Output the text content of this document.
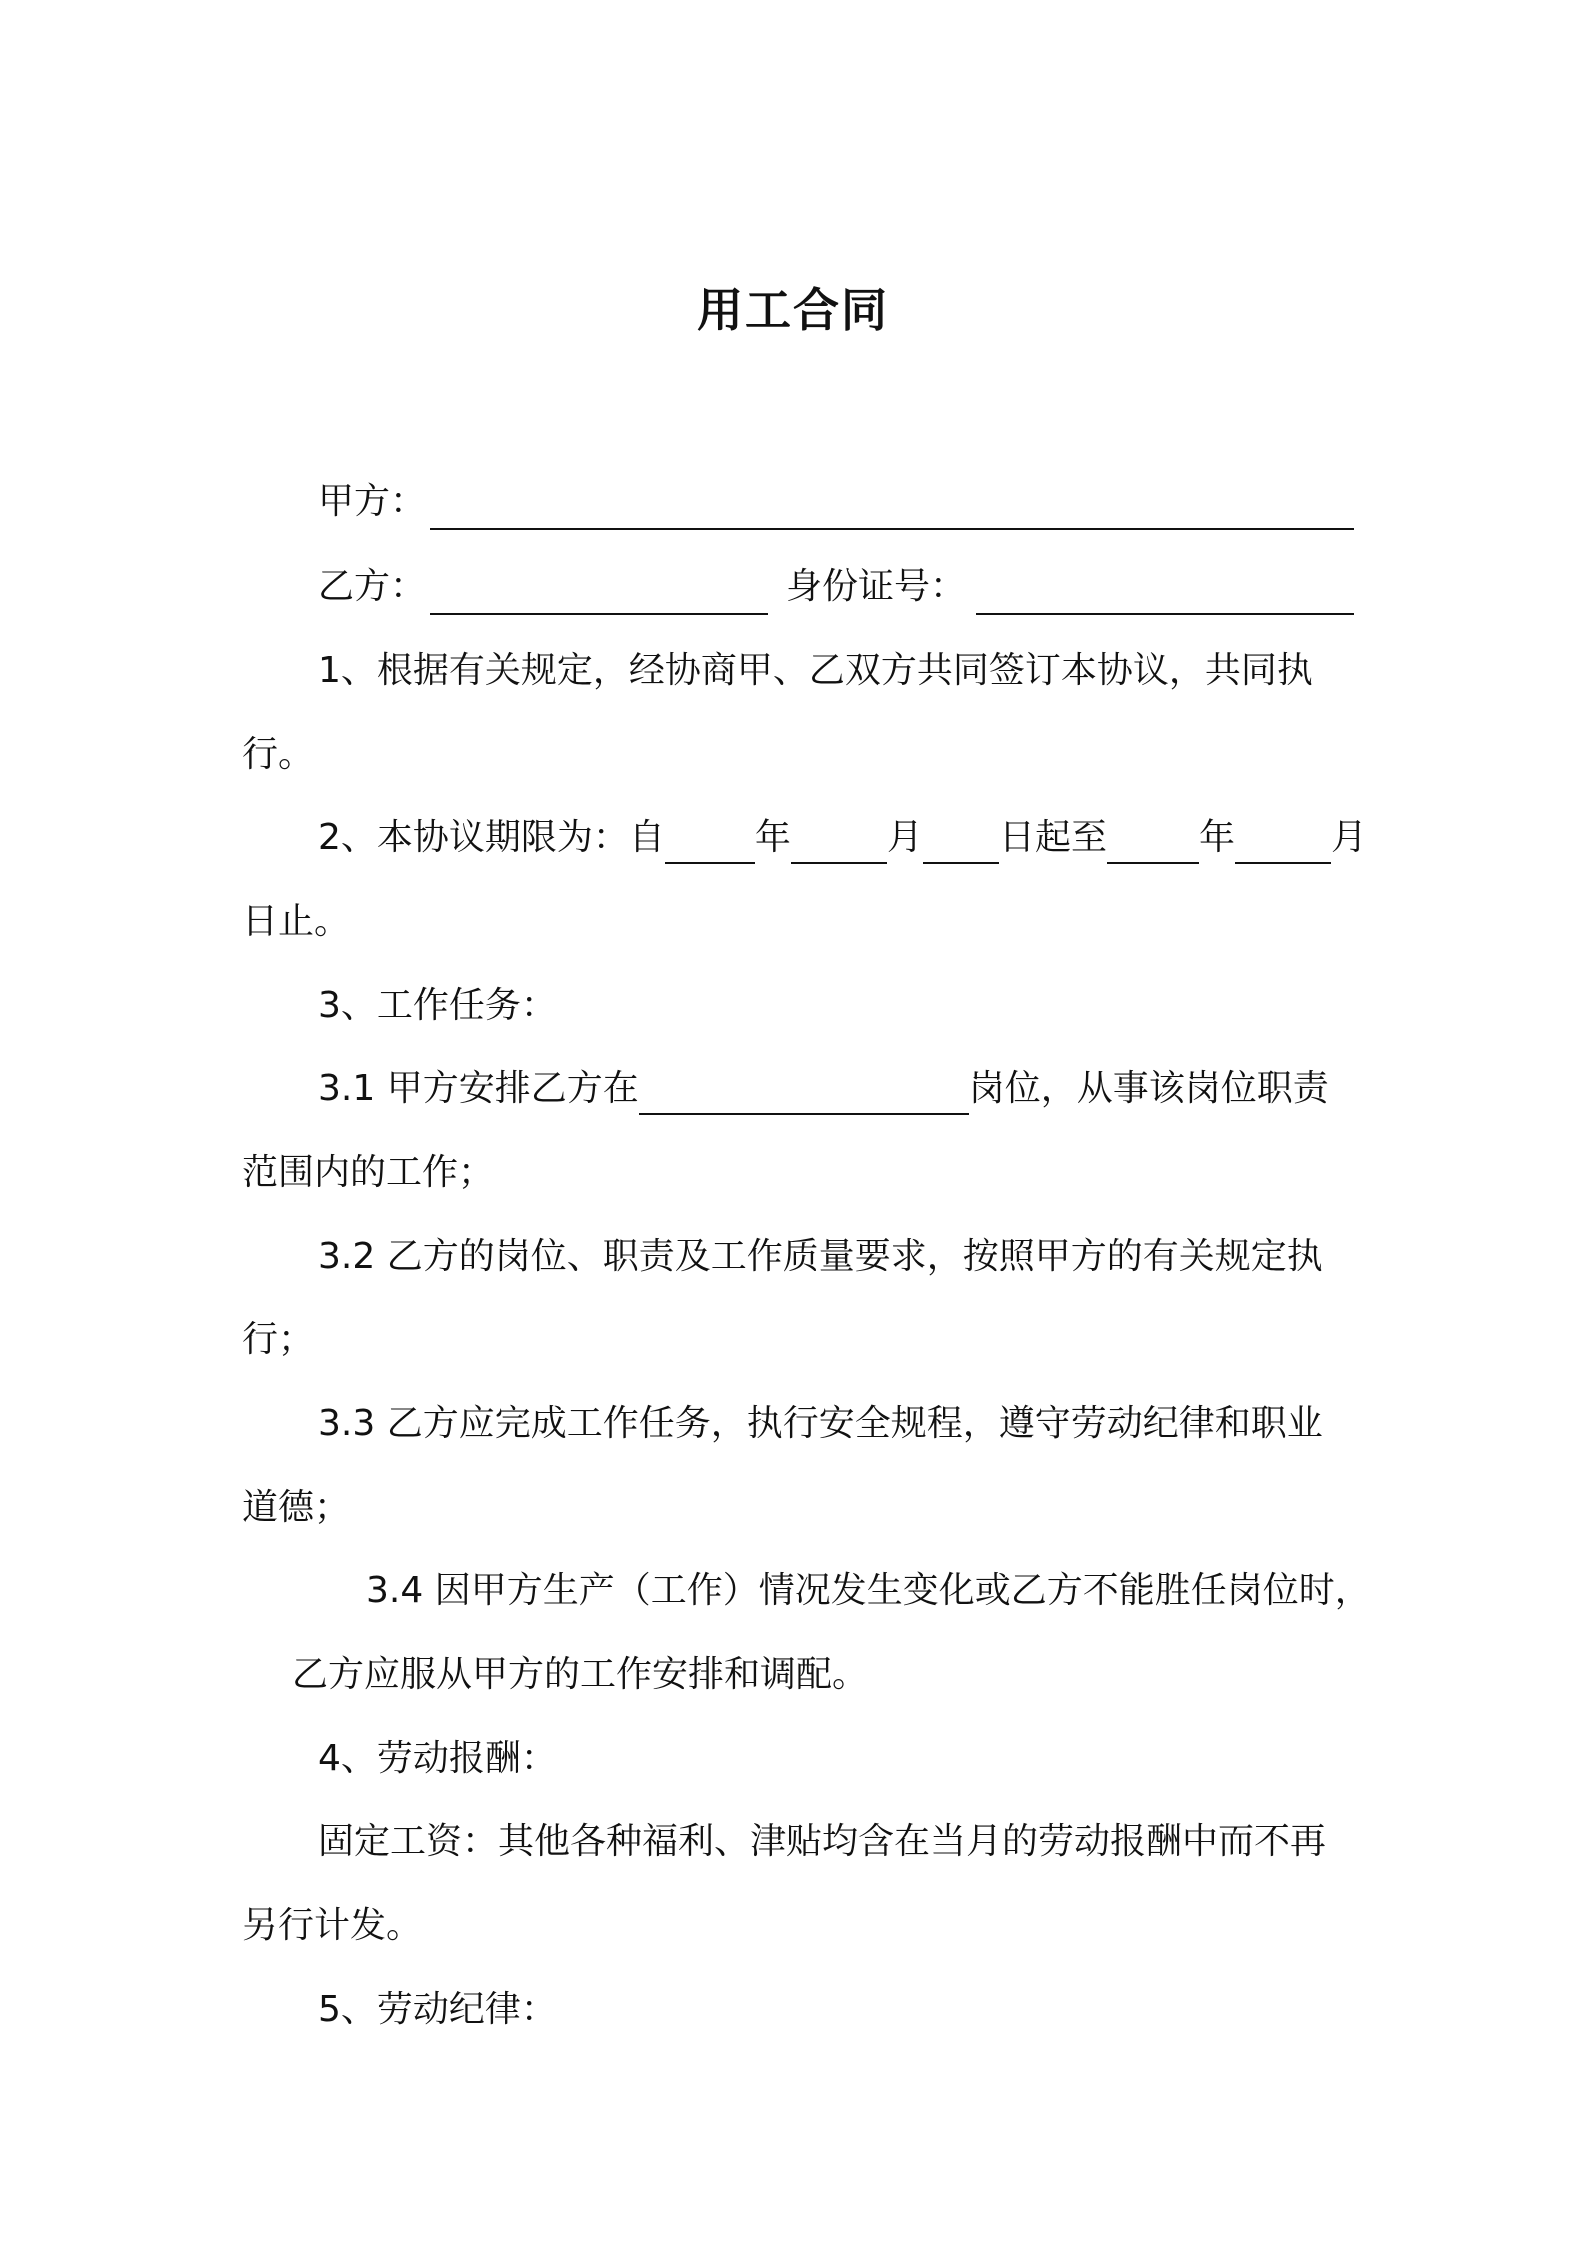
用工合同

甲方：

乙方：	身份证号：

1、根据有关规定，经协商甲、乙双方共同签订本协议，共同执

行。

2、本协议期限为：自	年	月 日起至	年	月

日止。

3、工作任务：

3.1 甲方安排乙方在	岗位，从事该岗位职责

范围内的工作；

3.2 乙方的岗位、职责及工作质量要求，按照甲方的有关规定执

行；

3.3 乙方应完成工作任务，执行安全规程，遵守劳动纪律和职业

道德；

3.4 因甲方生产（工作）情况发生变化或乙方不能胜任岗位时，

乙方应服从甲方的工作安排和调配。

4、劳动报酬：

固定工资：其他各种福利、津贴均含在当月的劳动报酬中而不再

另行计发。

5、劳动纪律：
